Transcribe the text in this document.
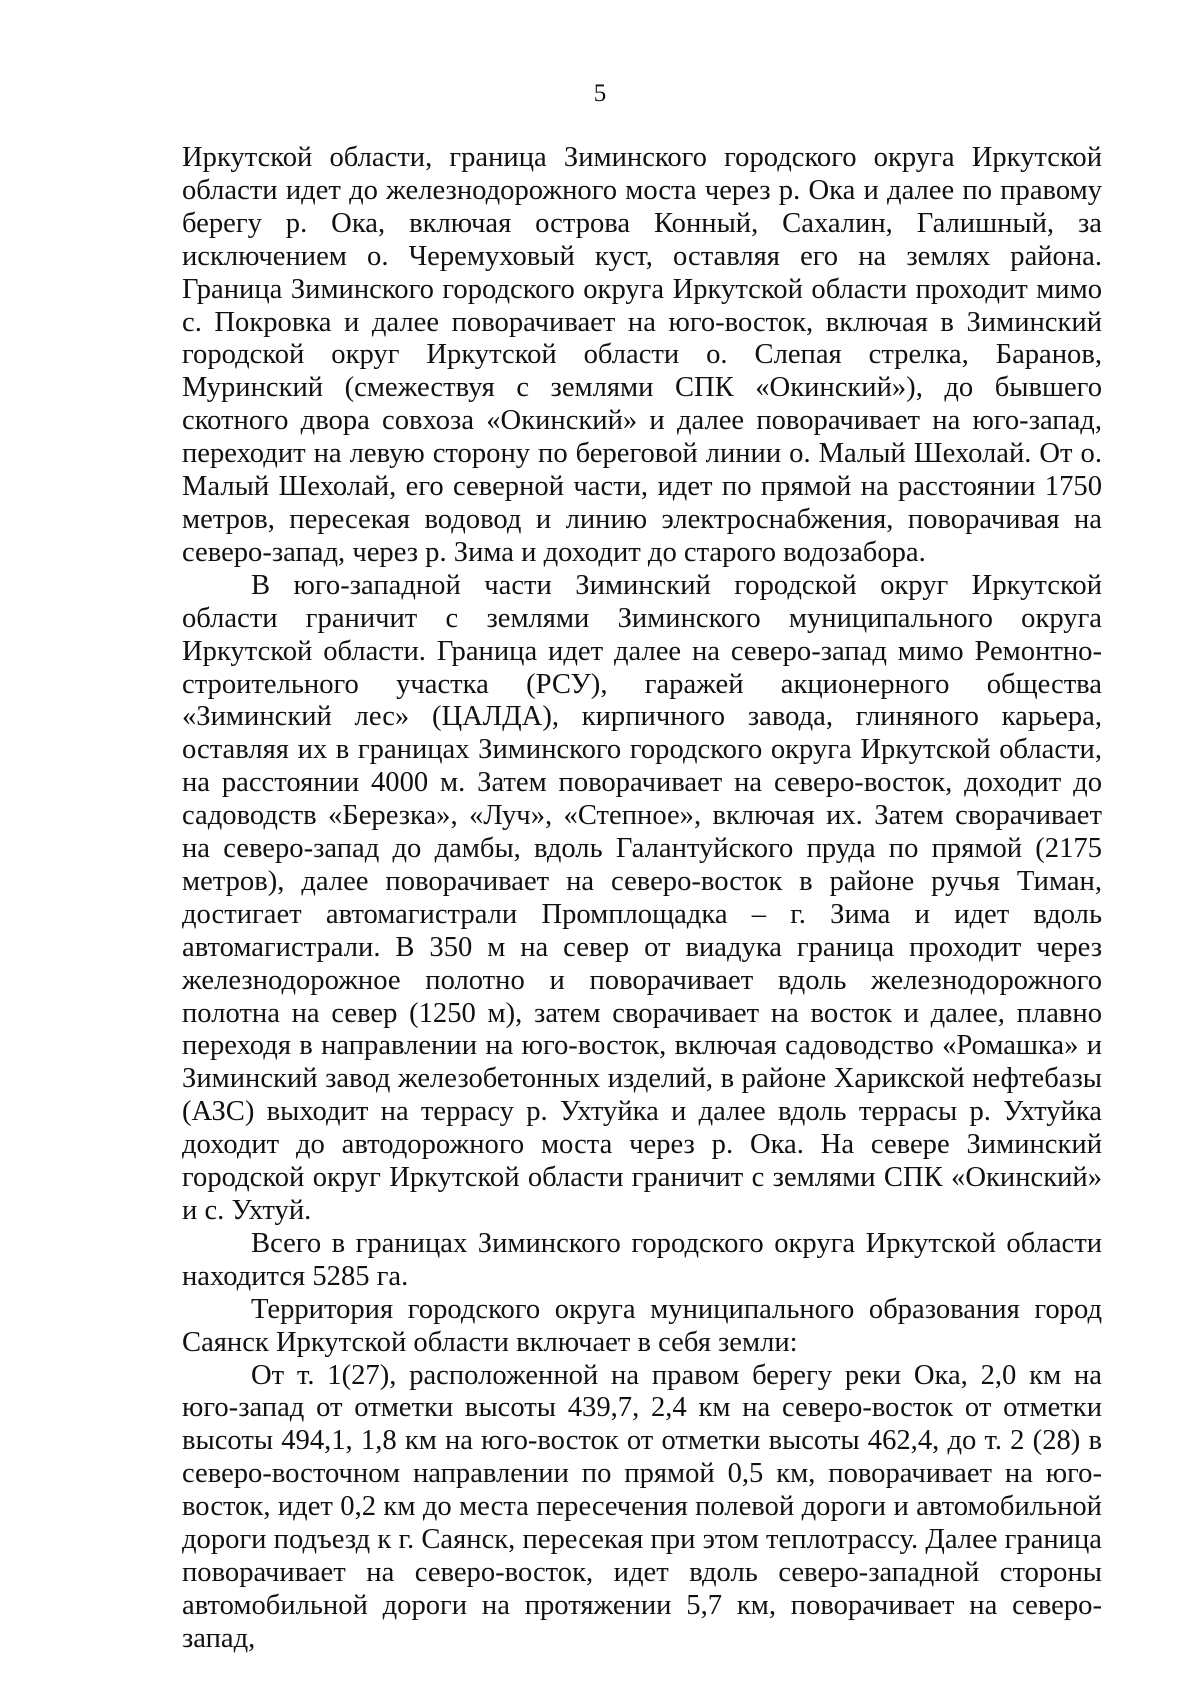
5

Иркутской области, граница Зиминского городского округа Иркутской области идет до железнодорожного моста через р. Ока и далее по правому берегу р. Ока, включая острова Конный, Сахалин, Галишный, за исключением о. Черемуховый куст, оставляя его на землях района. Граница Зиминского городского округа Иркутской области проходит мимо с. Покровка и далее поворачивает на юго-восток, включая в Зиминский городской округ Иркутской области о. Слепая стрелка, Баранов, Муринский (смежествуя с землями СПК «Окинский»), до бывшего скотного двора совхоза «Окинский» и далее поворачивает на юго-запад, переходит на левую сторону по береговой линии о. Малый Шехолай. От о. Малый Шехолай, его северной части, идет по прямой на расстоянии 1750 метров, пересекая водовод и линию электроснабжения, поворачивая на северо-запад, через р. Зима и доходит до старого водозабора.

В юго-западной части Зиминский городской округ Иркутской области граничит с землями Зиминского муниципального округа Иркутской области. Граница идет далее на северо-запад мимо Ремонтно-строительного участка (РСУ), гаражей акционерного общества «Зиминский лес» (ЦАЛДА), кирпичного завода, глиняного карьера, оставляя их в границах Зиминского городского округа Иркутской области, на расстоянии 4000 м. Затем поворачивает на северо-восток, доходит до садоводств «Березка», «Луч», «Степное», включая их. Затем сворачивает на северо-запад до дамбы, вдоль Галантуйского пруда по прямой (2175 метров), далее поворачивает на северо-восток в районе ручья Тиман, достигает автомагистрали Промплощадка – г. Зима и идет вдоль автомагистрали. В 350 м на север от виадука граница проходит через железнодорожное полотно и поворачивает вдоль железнодорожного полотна на север (1250 м), затем сворачивает на восток и далее, плавно переходя в направлении на юго-восток, включая садоводство «Ромашка» и Зиминский завод железобетонных изделий, в районе Харикской нефтебазы (АЗС) выходит на террасу р. Ухтуйка и далее вдоль террасы р. Ухтуйка доходит до автодорожного моста через р. Ока. На севере Зиминский городской округ Иркутской области граничит с землями СПК «Окинский» и с. Ухтуй.

Всего в границах Зиминского городского округа Иркутской области находится 5285 га.

Территория городского округа муниципального образования город Саянск Иркутской области включает в себя земли:

От т. 1(27), расположенной на правом берегу реки Ока, 2,0 км на юго-запад от отметки высоты 439,7, 2,4 км на северо-восток от отметки высоты 494,1, 1,8 км на юго-восток от отметки высоты 462,4, до т. 2 (28) в северо-восточном направлении по прямой 0,5 км, поворачивает на юго-восток, идет 0,2 км до места пересечения полевой дороги и автомобильной дороги подъезд к г. Саянск, пересекая при этом теплотрассу. Далее граница поворачивает на северо-восток, идет вдоль северо-западной стороны автомобильной дороги на протяжении 5,7 км, поворачивает на северо-запад,
